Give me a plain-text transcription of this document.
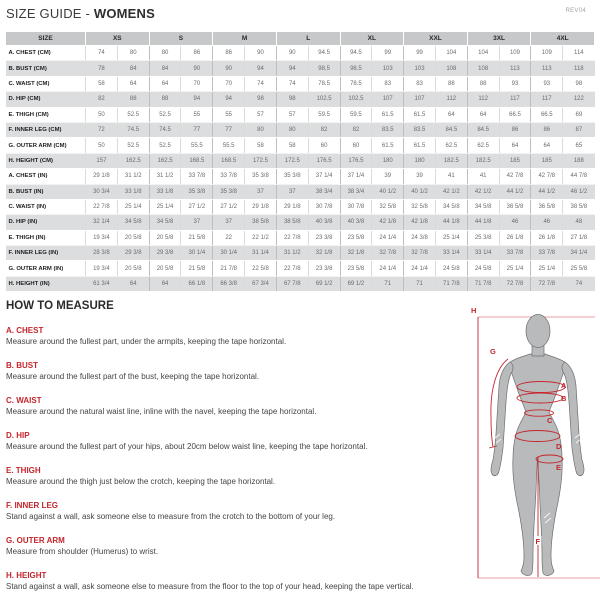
SIZE GUIDE - WOMENS	REV04
SIZE	XS		S		M		L		XL		XXL		3XL		4XL	
A. CHEST (CM)	74	80	80	86	86	90	90	94.5	94.5	99	99	104	104	109	109	114
B. BUST (CM)	78	84	84	90	90	94	94	98.5	98.5	103	103	108	108	113	113	118
C. WAIST (CM)	58	64	64	70	70	74	74	78.5	78.5	83	83	88	88	93	93	98
D. HIP (CM)	82	88	88	94	94	98	98	102.5	102.5	107	107	112	112	117	117	122
E. THIGH (CM)	50	52.5	52.5	55	55	57	57	59.5	59.5	61.5	61.5	64	64	66.5	66.5	69
F. INNER LEG (CM)	72	74.5	74.5	77	77	80	80	82	82	83.5	83.5	84.5	84.5	86	86	87
G. OUTER ARM (CM)	50	52.5	52.5	55.5	55.5	58	58	60	60	61.5	61.5	62.5	62.5	64	64	65
H. HEIGHT (CM)	157	162.5	162.5	168.5	168.5	172.5	172.5	176.5	176.5	180	180	182.5	182.5	185	185	188
A. CHEST (IN)	29 1/8	31 1/2	31 1/2	33 7/8	33 7/8	35 3/8	35 3/8	37 1/4	37 1/4	39	39	41	41	42 7/8	42 7/8	44 7/8
B. BUST (IN)	30 3/4	33 1/8	33 1/8	35 3/8	35 3/8	37	37	38 3/4	38 3/4	40 1/2	40 1/2	42 1/2	42 1/2	44 1/2	44 1/2	46 1/2
C. WAIST (IN)	22 7/8	25 1/4	25 1/4	27 1/2	27 1/2	29 1/8	29 1/8	30 7/8	30 7/8	32 5/8	32 5/8	34 5/8	34 5/8	36 5/8	36 5/8	38 5/8
D. HIP (IN)	32 1/4	34 5/8	34 5/8	37	37	38 5/8	38 5/8	40 3/8	40 3/8	42 1/8	42 1/8	44 1/8	44 1/8	46	46	48
E. THIGH (IN)	19 3/4	20 5/8	20 5/8	21 5/8	22	22 1/2	22 7/8	23 3/8	23 5/8	24 1/4	24 3/8	25 1/4	25 3/8	26 1/8	26 1/8	27 1/8
F. INNER LEG (IN)	28 3/8	29 3/8	29 3/8	30 1/4	30 1/4	31 1/4	31 1/2	32 1/8	32 1/8	32 7/8	32 7/8	33 1/4	33 1/4	33 7/8	33 7/8	34 1/4
G. OUTER ARM (IN)	19 3/4	20 5/8	20 5/8	21 5/8	21 7/8	22 5/8	22 7/8	23 3/8	23 5/8	24 1/4	24 1/4	24 5/8	24 5/8	25 1/4	25 1/4	25 5/8
H. HEIGHT (IN)	61 3/4	64	64	66 1/8	66 3/8	67 3/4	67 7/8	69 1/2	69 1/2	71	71	71 7/8	71 7/8	72 7/8	72 7/8	74
HOW TO MEASURE
A. CHEST

Measure around the fullest part, under the armpits, keeping the tape horizontal.

B. BUST

Measure around the fullest part of the bust, keeping the tape horizontal.

C. WAIST

Measure around the natural waist line, inline with the navel, keeping the tape horizontal.

D. HIP

Measure around the fullest part of your hips, about 20cm below waist line, keeping the tape horizontal.

E. THIGH

Measure around the thigh just below the crotch, keeping the tape horizontal.

F. INNER LEG

Stand against a wall, ask someone else to measure from the crotch to the bottom of your leg.

G. OUTER ARM

Measure from shoulder (Humerus) to wrist.

H. HEIGHT

Stand against a wall, ask someone else to measure from the floor to the top of your head, keeping the tape vertical.

H
G
A
B
C
D
E
F
